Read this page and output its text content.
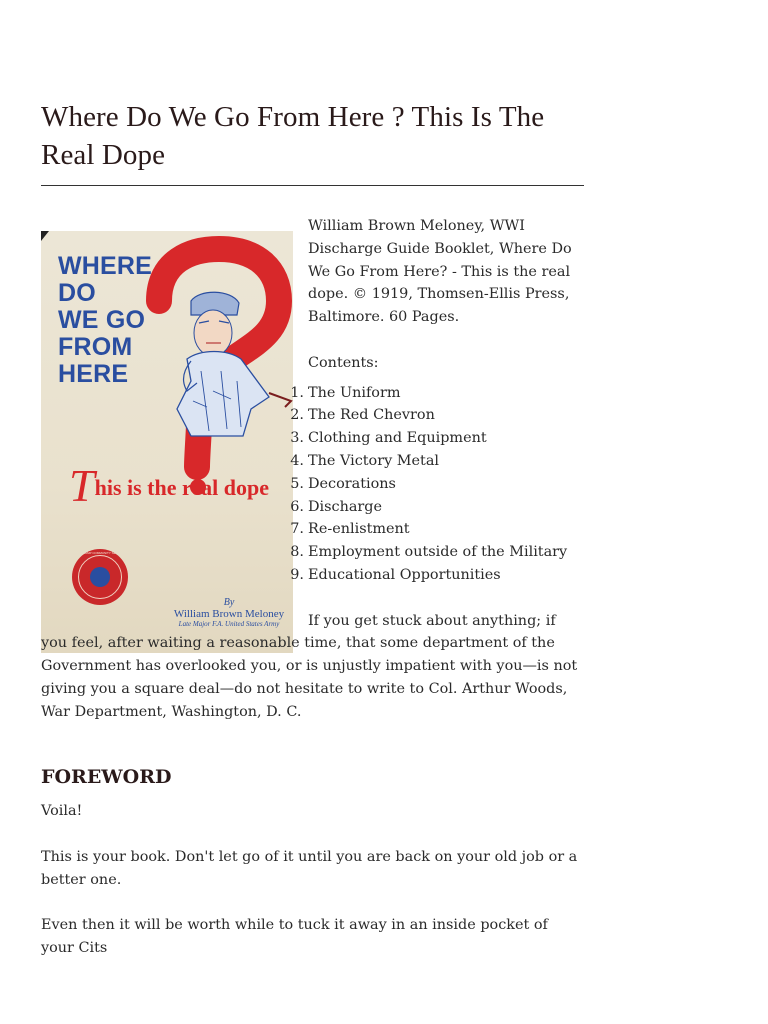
Where Do We Go From Here ? This Is The Real Dope
WHERE
DO
WE GO
FROM
HERE
This is the real dope
WAR CAMP COMMUNITY SERVICE
By
William Brown Meloney
Late Major F.A. United States Army

William Brown Meloney, WWI Discharge Guide Booklet, Where Do We Go From Here? - This is the real dope. © 1919, Thomsen-Ellis Press, Baltimore. 60 Pages.

Contents:

1. The Uniform
2. The Red Chevron
3. Clothing and Equipment
4. The Victory Metal
5. Decorations
6. Discharge
7. Re-enlistment
8. Employment outside of the Military
9. Educational Opportunities

If you get stuck about anything; if you feel, after waiting a reasonable time, that some department of the Government has overlooked you, or is unjustly impatient with you—is not giving you a square deal—do not hesitate to write to Col. Arthur Woods, War Department, Washington, D. C.

FOREWORD

Voila!

This is your book. Don't let go of it until you are back on your old job or a better one.

Even then it will be worth while to tuck it away in an inside pocket of your Cits
